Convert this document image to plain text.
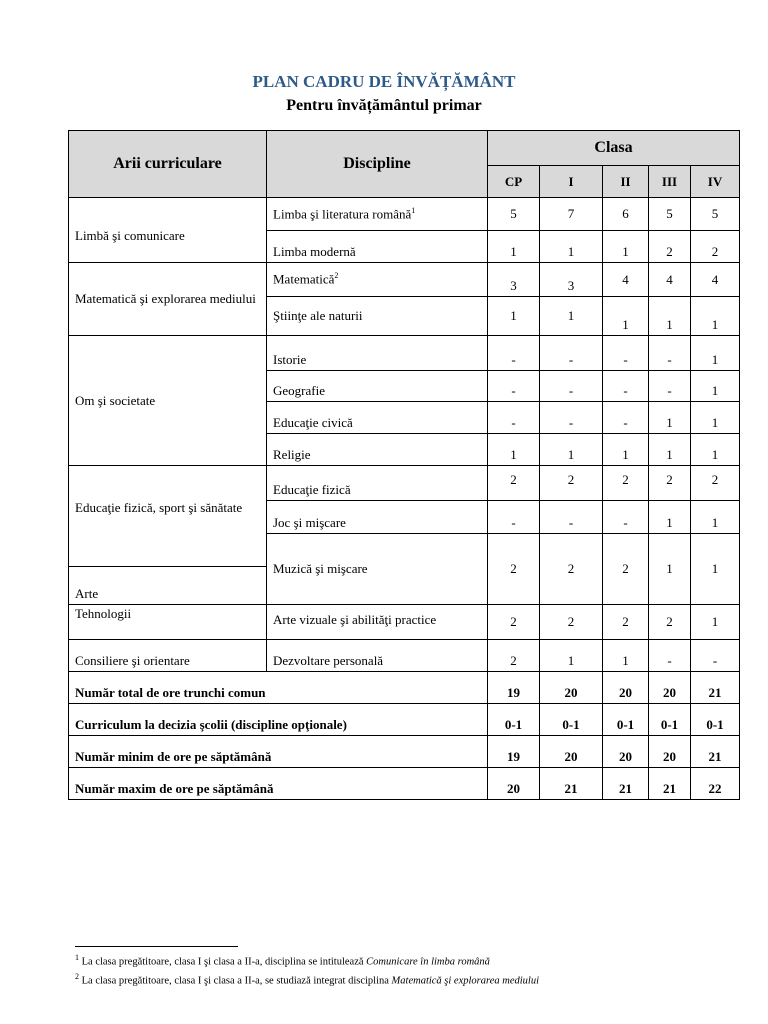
PLAN CADRU DE ÎNVĂȚĂMÂNT
Pentru învățământul primar
Arii curriculare	Discipline	Clasa				
		CP	I	II	III	IV
Limbă şi comunicare	Limba şi literatura română$^1$	5	7	6	5	5
	Limba modernă	1	1	1	2	2
Matematică şi explorarea mediului	Matematică$^2$	3	3	4	4	4
	Ştiinţe ale naturii	1	1	1	1	1
Om şi societate	Istorie	-	-	-	-	1
	Geografie	-	-	-	-	1
	Educaţie civică	-	-	-	1	1
	Religie	1	1	1	1	1
Educaţie fizică, sport şi sănătate	Educaţie fizică	2	2	2	2	2
	Joc şi mişcare	-	-	-	1	1
	Muzică şi mişcare	2	2	2	1	1
Arte						
Tehnologii	Arte vizuale şi abilităţi practice	2	2	2	2	1
Consiliere şi orientare	Dezvoltare personală	2	1	1	-	-
Număr total de ore trunchi comun		19	20	20	20	21
Curriculum la decizia şcolii (discipline opţionale)		0-1	0-1	0-1	0-1	0-1
Număr minim de ore pe săptămână		19	20	20	20	21
Număr maxim de ore pe săptămână		20	21	21	21	22
$^1$ La clasa pregătitoare, clasa I şi clasa a II-a, disciplina se intitulează Comunicare în limba română
$^2$ La clasa pregătitoare, clasa I şi clasa a II-a, se studiază integrat disciplina Matematică şi explorarea mediului
